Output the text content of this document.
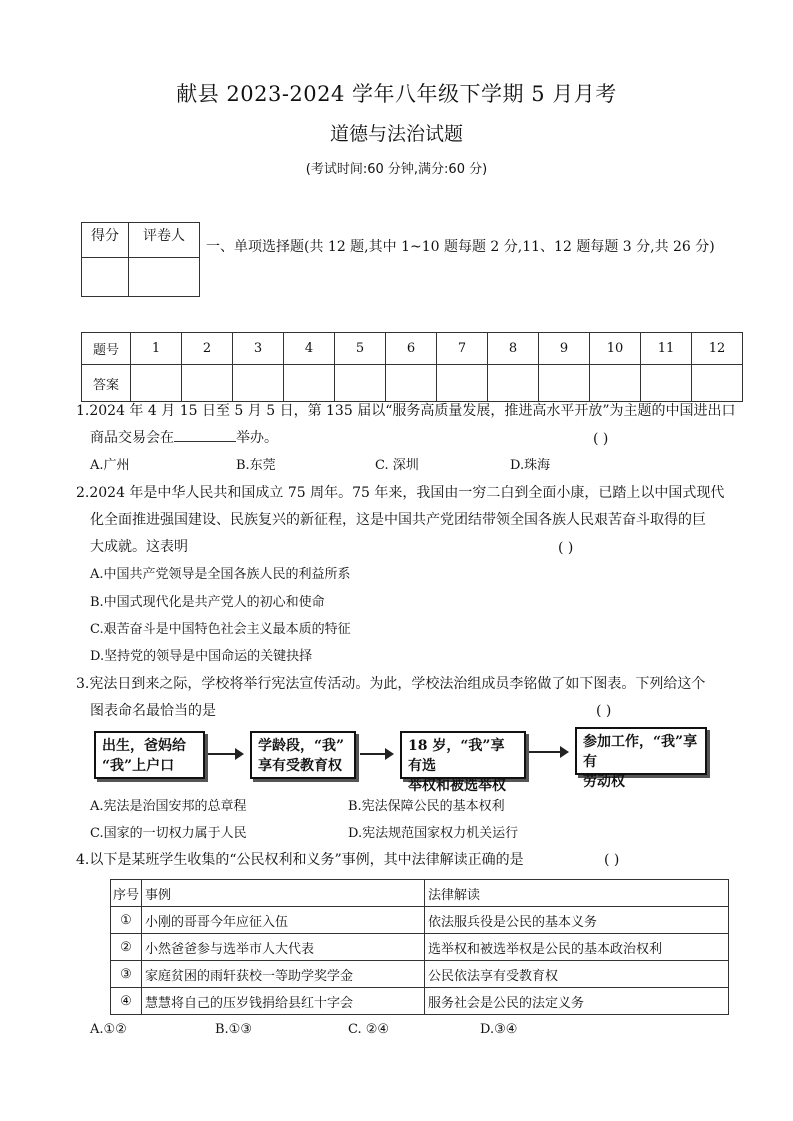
献县 2023-2024 学年八年级下学期 5 月月考
道德与法治试题
(考试时间:60 分钟,满分:60 分)
得分	评卷人

一、单项选择题(共 12 题,其中 1~10 题每题 2 分,11、12 题每题 3 分,共 26 分)
题号	1	2	3	4	5	6	7	8	9	10	11	12
答案												
1.2024 年 4 月 15 日至 5 月 5 日，第 135 届以“服务高质量发展，推进高水平开放”为主题的中国进出口
商品交易会在	举办。	( )
A.广州	B.东莞	C. 深圳	D.珠海
2.2024 年是中华人民共和国成立 75 周年。75 年来，我国由一穷二白到全面小康，已踏上以中国式现代
化全面推进强国建设、民族复兴的新征程，这是中国共产党团结带领全国各族人民艰苦奋斗取得的巨
大成就。这表明	( )
A.中国共产党领导是全国各族人民的利益所系
B.中国式现代化是共产党人的初心和使命
C.艰苦奋斗是中国特色社会主义最本质的特征
D.坚持党的领导是中国命运的关键抉择
3.宪法日到来之际，学校将举行宪法宣传活动。为此，学校法治组成员李铭做了如下图表。下列给这个
图表命名最恰当的是	( )
出生，爸妈给
“我”上户口
学龄段，“我”
享有受教育权
18 岁，“我”享有选
举权和被选举权
参加工作，“我”享有
劳动权
A.宪法是治国安邦的总章程	B.宪法保障公民的基本权利
C.国家的一切权力属于人民	D.宪法规范国家权力机关运行
4.以下是某班学生收集的“公民权利和义务”事例，其中法律解读正确的是	( )
序号	事例	法律解读
①	小刚的哥哥今年应征入伍	依法服兵役是公民的基本义务
②	小然爸爸参与选举市人大代表	选举权和被选举权是公民的基本政治权利
③	家庭贫困的雨轩获校一等助学奖学金	公民依法享有受教育权
④	慧慧将自己的压岁钱捐给县红十字会	服务社会是公民的法定义务
A.①②	B.①③	C. ②④	D.③④
